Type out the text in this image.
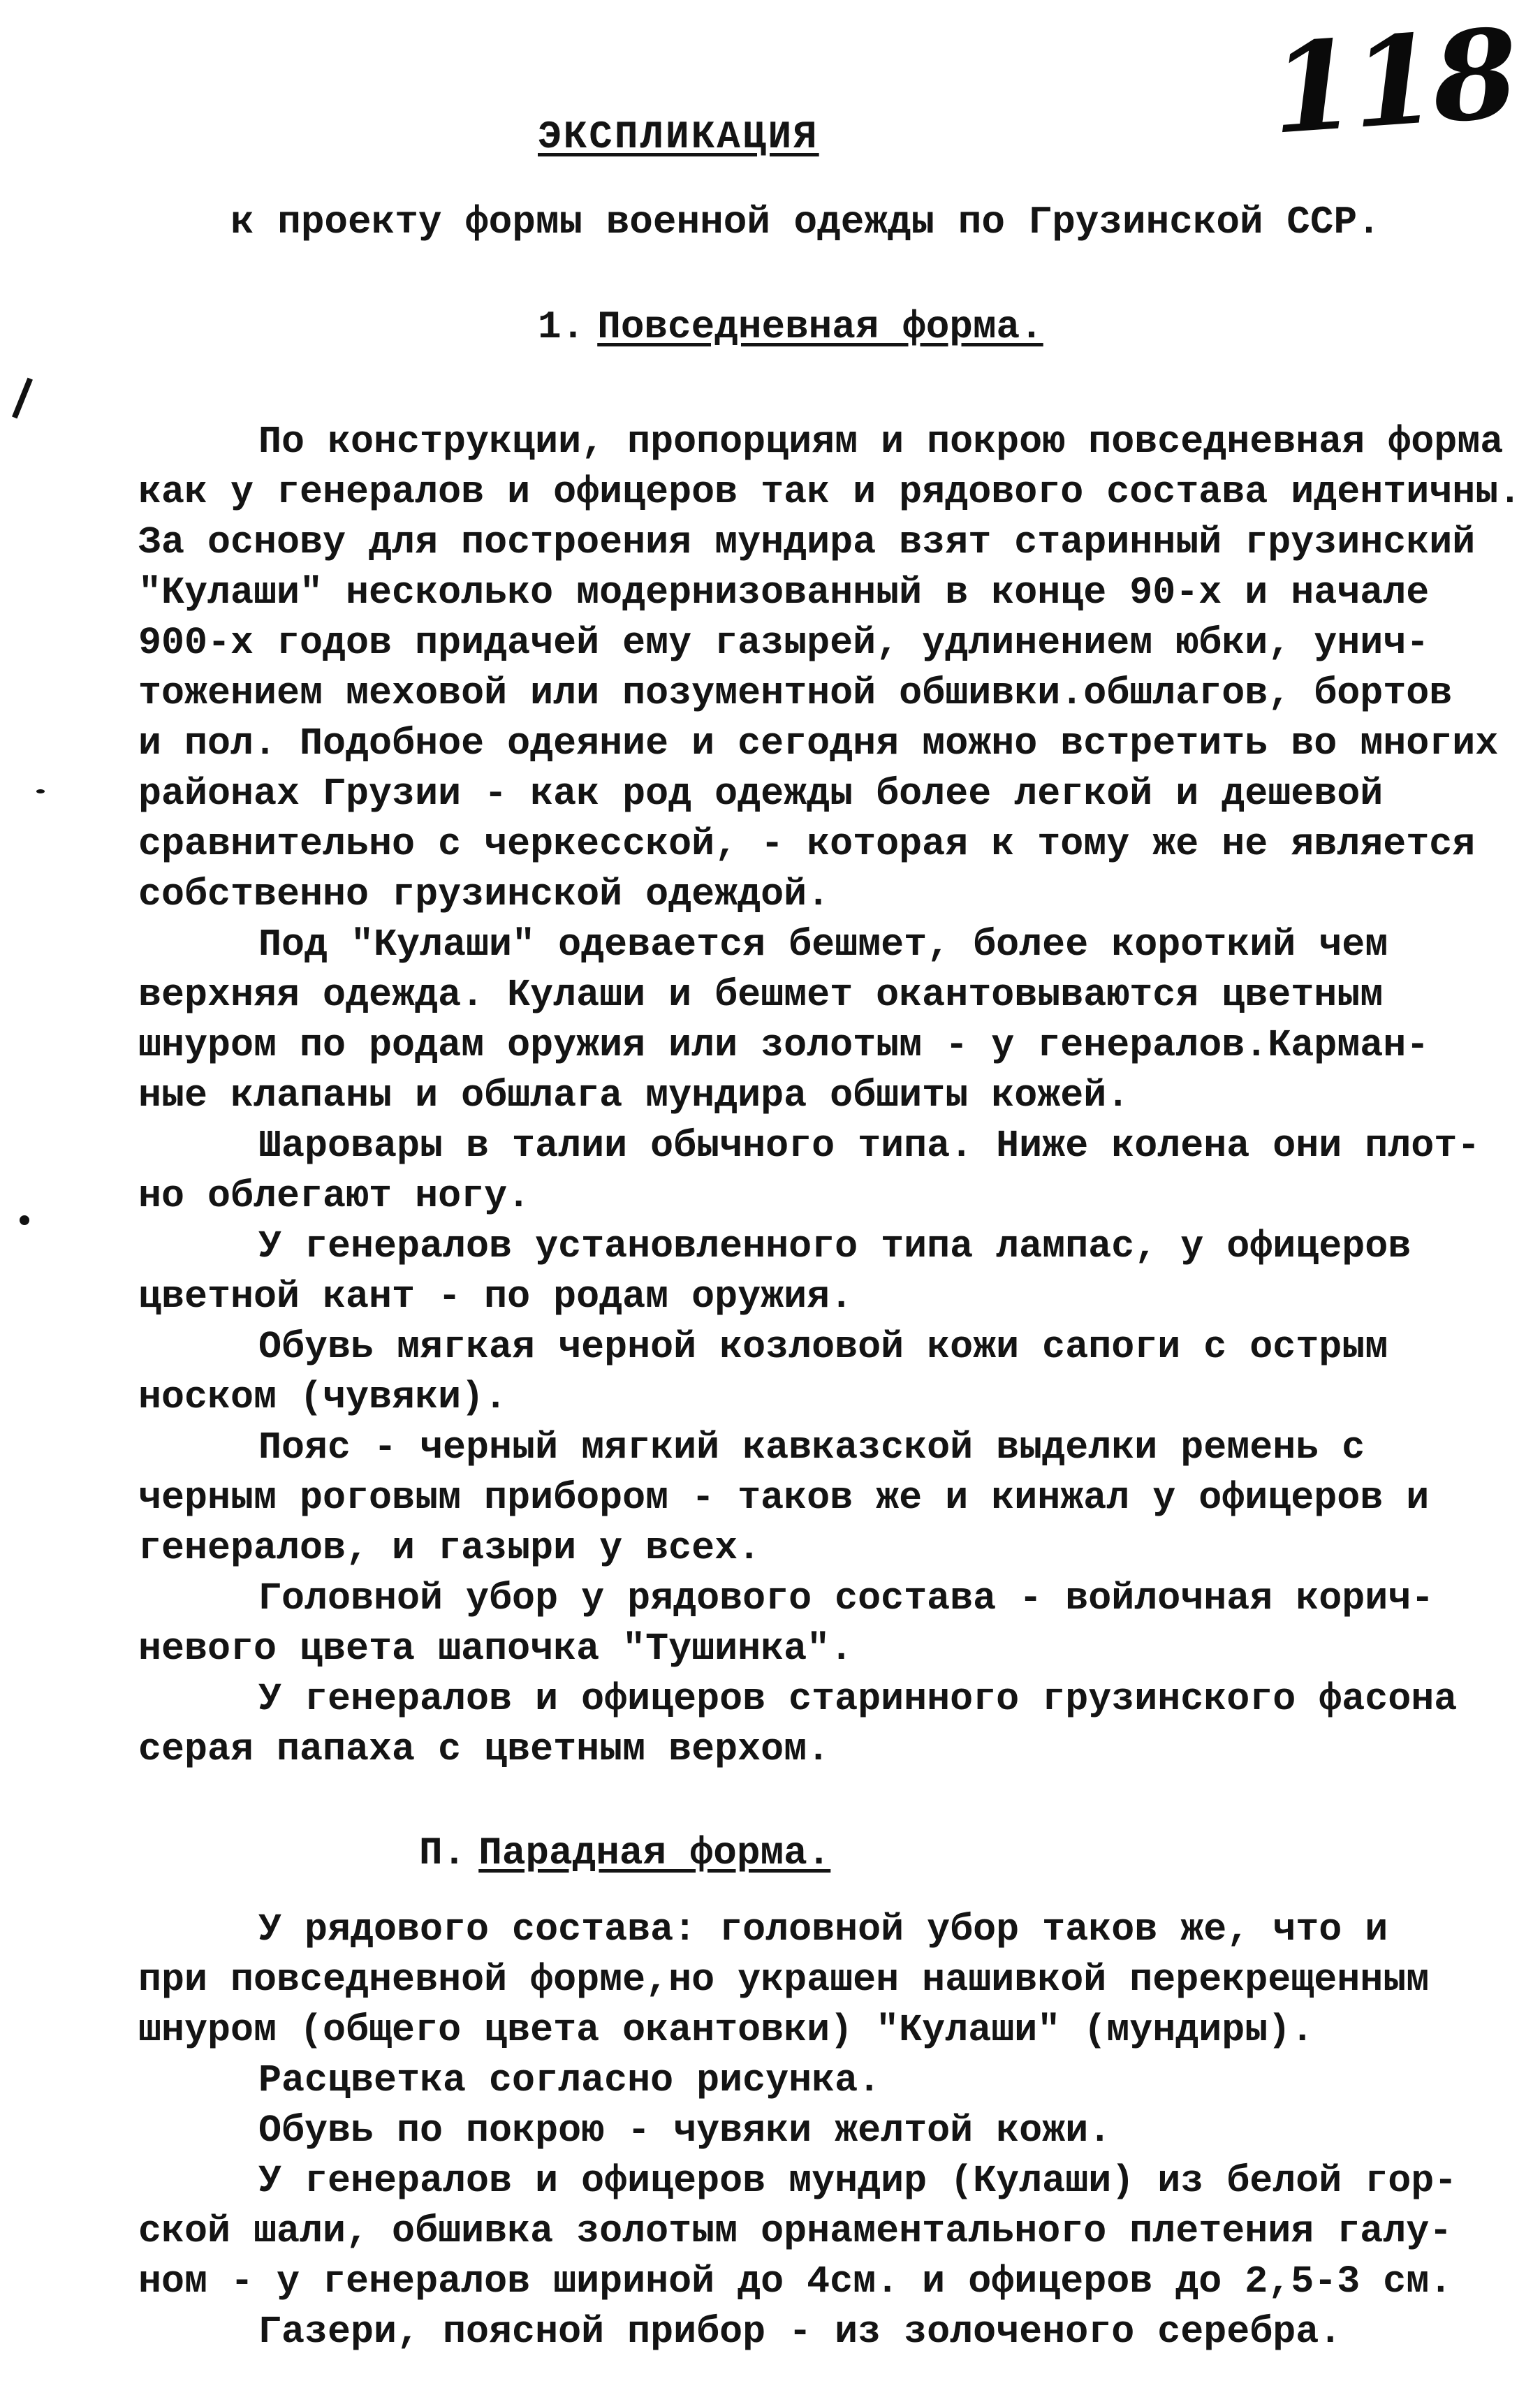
118
ЭКСПЛИКАЦИЯ
к проекту формы военной одежды по Грузинской ССР.
1. Повседневная форма.
По конструкции, пропорциям и покрою повседневная форма
как у генералов и офицеров так и рядового состава идентичны.
За основу для построения мундира взят старинный грузинский
"Кулаши" несколько модернизованный в конце 90-х и начале
900-х годов придачей ему газырей, удлинением юбки, унич-
тожением меховой или позументной обшивки.обшлагов, бортов
и пол. Подобное одеяние и сегодня можно встретить во многих
районах Грузии - как род одежды более легкой и дешевой
сравнительно с черкесской, - которая к тому же не является
собственно грузинской одеждой.
Под "Кулаши" одевается бешмет, более короткий чем
верхняя одежда. Кулаши и бешмет окантовываются цветным
шнуром по родам оружия или золотым - у генералов.Карман-
ные клапаны и обшлага мундира обшиты кожей.
Шаровары в талии обычного типа. Ниже колена они плот-
но облегают ногу.
У генералов установленного типа лампас, у офицеров
цветной кант - по родам оружия.
Обувь мягкая черной козловой кожи сапоги с острым
носком (чувяки).
Пояс - черный мягкий кавказской выделки ремень с
черным роговым прибором - таков же и кинжал у офицеров и
генералов, и газыри у всех.
Головной убор у рядового состава - войлочная корич-
невого цвета шапочка "Тушинка".
У генералов и офицеров старинного грузинского фасона
серая папаха с цветным верхом.
П. Парадная форма.
У рядового состава: головной убор таков же, что и
при повседневной форме,но украшен нашивкой перекрещенным
шнуром (общего цвета окантовки) "Кулаши" (мундиры).
Расцветка согласно рисунка.
Обувь по покрою - чувяки желтой кожи.
У генералов и офицеров мундир (Кулаши) из белой гор-
ской шали, обшивка золотым орнаментального плетения галу-
ном - у генералов шириной до 4см. и офицеров до 2,5-3 см.
Газери, поясной прибор - из золоченого серебра.
